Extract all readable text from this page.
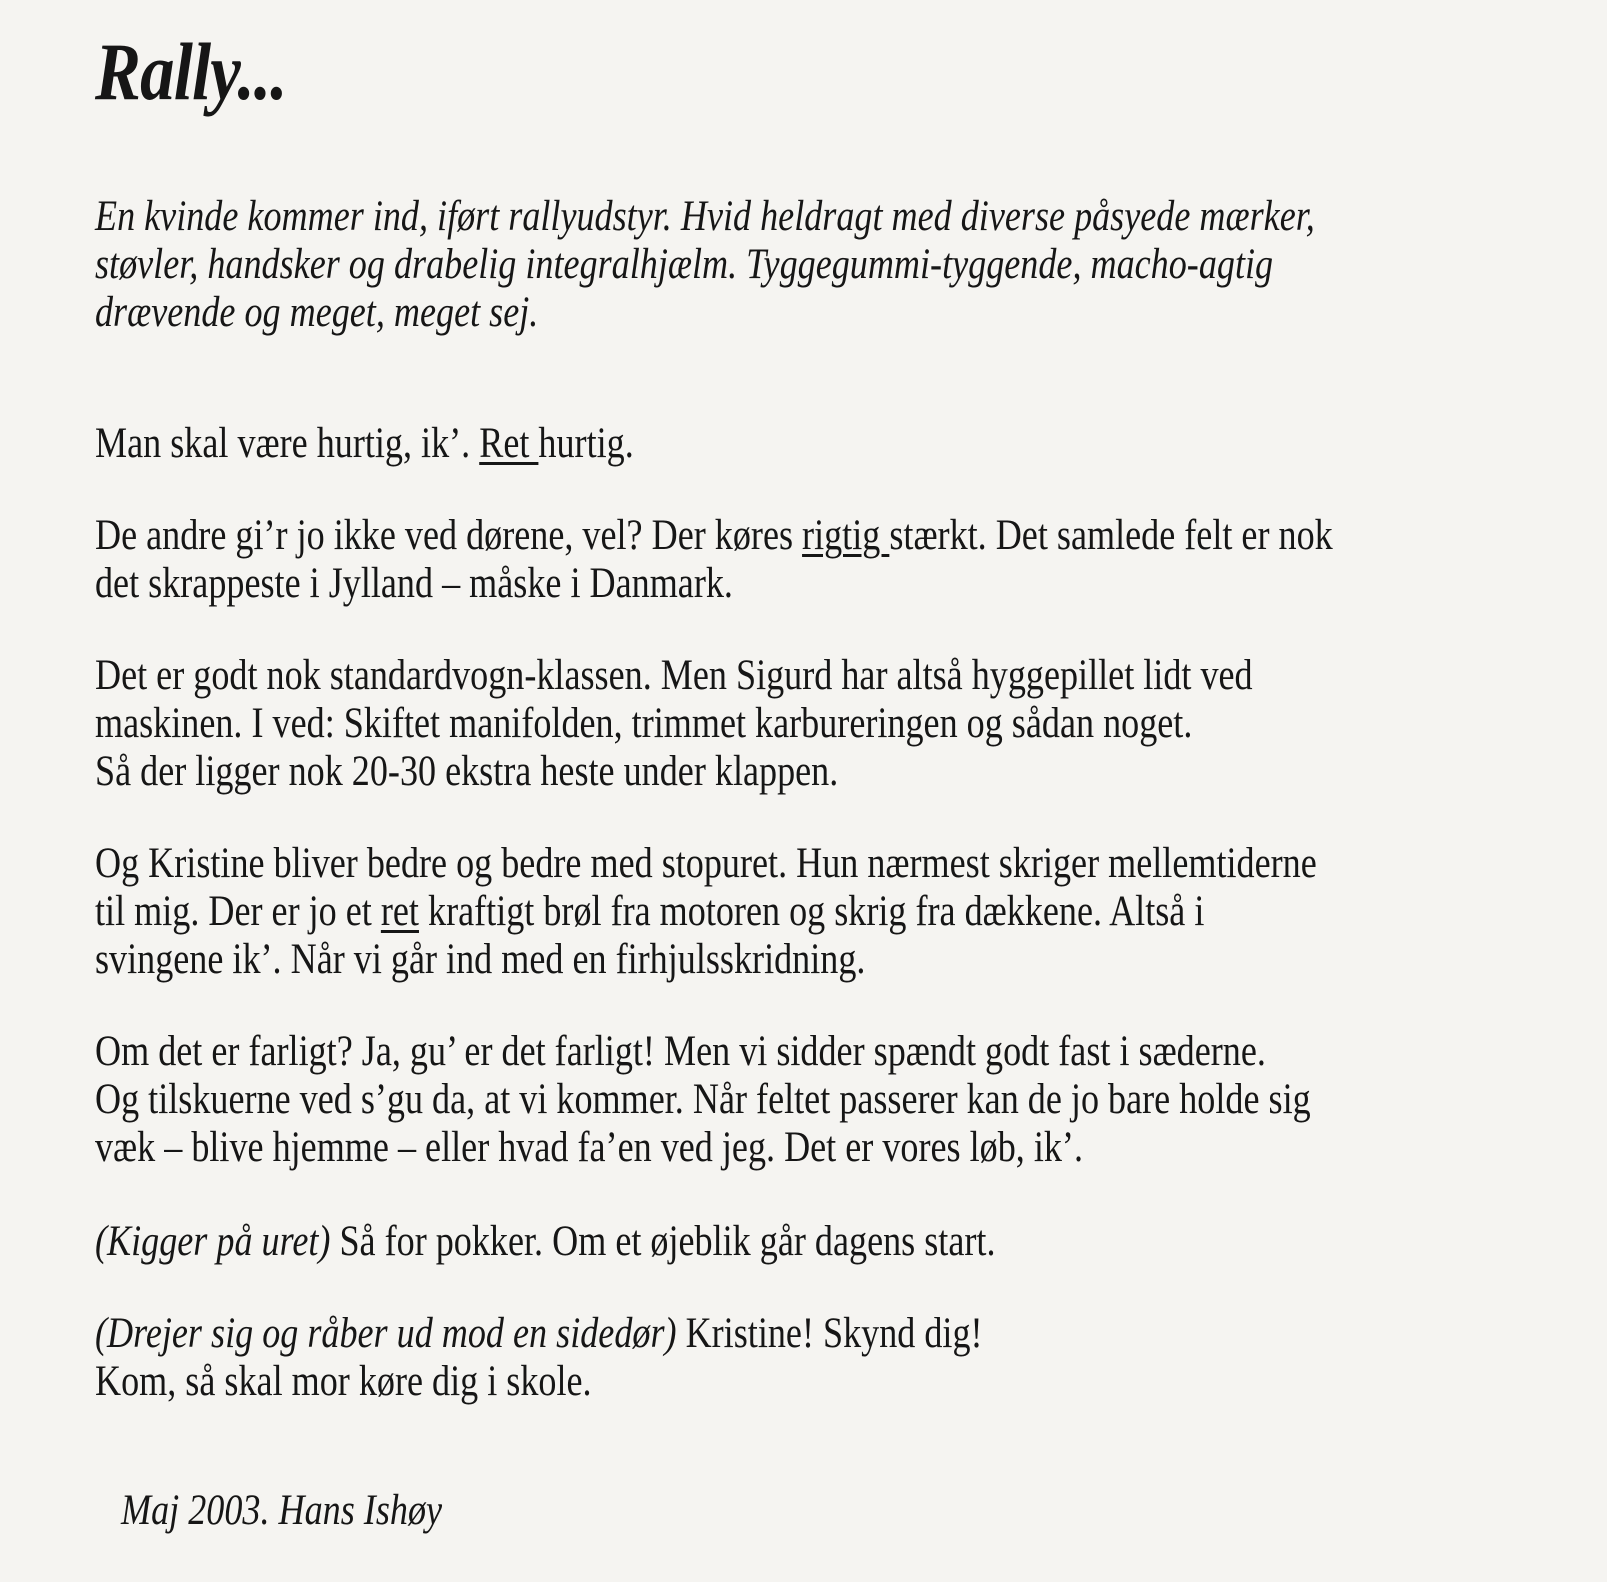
Rally...
En kvinde kommer ind, iført rallyudstyr. Hvid heldragt med diverse påsyede mærker,
støvler, handsker og drabelig integralhjælm. Tyggegummi-tyggende, macho-agtig
drævende og meget, meget sej.
Man skal være hurtig, ik’. Ret hurtig.
De andre gi’r jo ikke ved dørene, vel? Der køres rigtig stærkt. Det samlede felt er nok
det skrappeste i Jylland – måske i Danmark.
Det er godt nok standardvogn-klassen. Men Sigurd har altså hyggepillet lidt ved
maskinen. I ved: Skiftet manifolden, trimmet karbureringen og sådan noget.
Så der ligger nok 20-30 ekstra heste under klappen.
Og Kristine bliver bedre og bedre med stopuret. Hun nærmest skriger mellemtiderne
til mig. Der er jo et ret kraftigt brøl fra motoren og skrig fra dækkene. Altså i
svingene ik’. Når vi går ind med en firhjulsskridning.
Om det er farligt? Ja, gu’ er det farligt! Men vi sidder spændt godt fast i sæderne.
Og tilskuerne ved s’gu da, at vi kommer. Når feltet passerer kan de jo bare holde sig
væk – blive hjemme – eller hvad fa’en ved jeg. Det er vores løb, ik’.
(Kigger på uret) Så for pokker. Om et øjeblik går dagens start.
(Drejer sig og råber ud mod en sidedør) Kristine! Skynd dig!
Kom, så skal mor køre dig i skole.
Maj 2003. Hans Ishøy
